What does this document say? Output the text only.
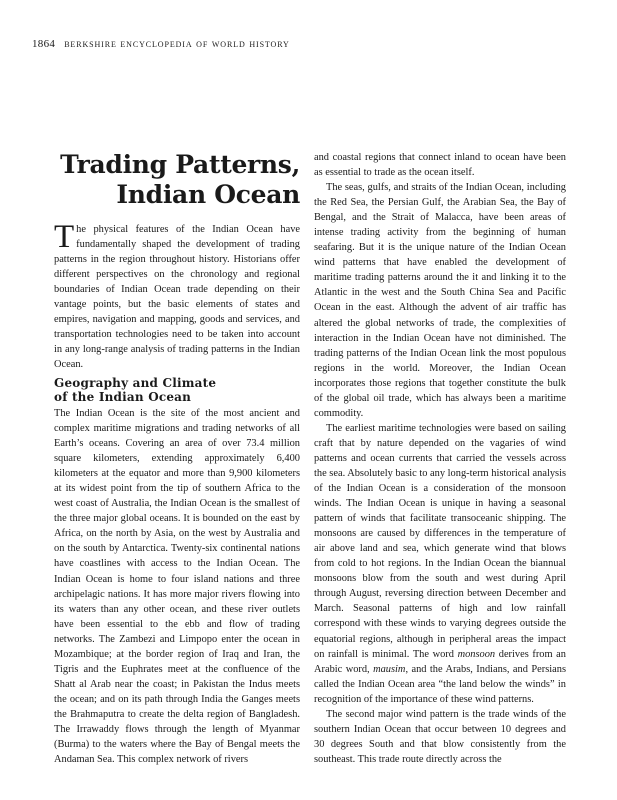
1864 berkshire encyclopedia of world history
Trading Patterns,
Indian Ocean

The physical features of the Indian Ocean have fundamentally shaped the development of trading patterns in the region throughout history. Historians offer different perspectives on the chronology and regional boundaries of Indian Ocean trade depending on their vantage points, but the basic elements of states and empires, navigation and mapping, goods and services, and transportation technologies need to be taken into account in any long-range analysis of trading patterns in the Indian Ocean.

Geography and Climate
of the Indian Ocean

The Indian Ocean is the site of the most ancient and complex maritime migrations and trading networks of all Earth’s oceans. Covering an area of over 73.4 million square kilometers, extending approximately 6,400 kilometers at the equator and more than 9,900 kilometers at its widest point from the tip of southern Africa to the west coast of Australia, the Indian Ocean is the smallest of the three major global oceans. It is bounded on the east by Africa, on the north by Asia, on the west by Australia and on the south by Antarctica. Twenty-six continental nations have coastlines with access to the Indian Ocean. The Indian Ocean is home to four island nations and three archipelagic nations. It has more major rivers flowing into its waters than any other ocean, and these river outlets have been essential to the ebb and flow of trading networks. The Zambezi and Limpopo enter the ocean in Mozambique; at the border region of Iraq and Iran, the Tigris and the Euphrates meet at the confluence of the Shatt al Arab near the coast; in Pakistan the Indus meets the ocean; and on its path through India the Ganges meets the Brahmaputra to create the delta region of Bangladesh. The Irrawaddy flows through the length of Myanmar (Burma) to the waters where the Bay of Bengal meets the Andaman Sea. This complex network of rivers

and coastal regions that connect inland to ocean have been as essential to trade as the ocean itself.

The seas, gulfs, and straits of the Indian Ocean, including the Red Sea, the Persian Gulf, the Arabian Sea, the Bay of Bengal, and the Strait of Malacca, have been areas of intense trading activity from the beginning of human seafaring. But it is the unique nature of the Indian Ocean wind patterns that have enabled the development of maritime trading patterns around the it and linking it to the Atlantic in the west and the South China Sea and Pacific Ocean in the east. Although the advent of air traffic has altered the global networks of trade, the complexities of interaction in the Indian Ocean have not diminished. The trading patterns of the Indian Ocean link the most populous regions in the world. Moreover, the Indian Ocean incorporates those regions that together constitute the bulk of the global oil trade, which has always been a maritime commodity.

The earliest maritime technologies were based on sailing craft that by nature depended on the vagaries of wind patterns and ocean currents that carried the vessels across the sea. Absolutely basic to any long-term historical analysis of the Indian Ocean is a consideration of the monsoon winds. The Indian Ocean is unique in having a seasonal pattern of winds that facilitate transoceanic shipping. The monsoons are caused by differences in the temperature of air above land and sea, which generate wind that blows from cold to hot regions. In the Indian Ocean the biannual monsoons blow from the south and west during April through August, reversing direction between December and March. Seasonal patterns of high and low rainfall correspond with these winds to varying degrees outside the equatorial regions, although in peripheral areas the impact on rainfall is minimal. The word monsoon derives from an Arabic word, mausim, and the Arabs, Indians, and Persians called the Indian Ocean area “the land below the winds” in recognition of the importance of these wind patterns.

The second major wind pattern is the trade winds of the southern Indian Ocean that occur between 10 degrees and 30 degrees South and that blow consistently from the southeast. This trade route directly across the
